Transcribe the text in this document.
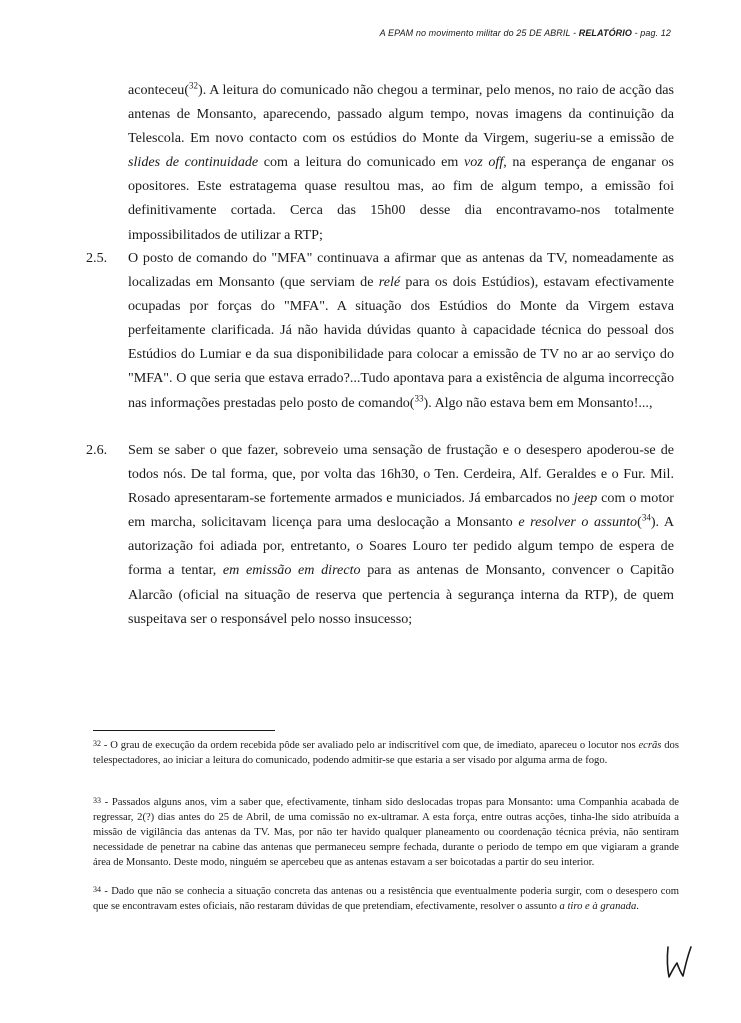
A EPAM no movimento militar do 25 DE ABRIL - RELATÓRIO - pag. 12
aconteceu($^{32}$). A leitura do comunicado não chegou a terminar, pelo menos, no raio de acção das antenas de Monsanto, aparecendo, passado algum tempo, novas imagens da continuição da Telescola. Em novo contacto com os estúdios do Monte da Virgem, sugeriu-se a emissão de slides de continuidade com a leitura do comunicado em voz off, na esperança de enganar os opositores. Este estratagema quase resultou mas, ao fim de algum tempo, a emissão foi definitivamente cortada. Cerca das 15h00 desse dia encontravamo-nos totalmente impossibilitados de utilizar a RTP;
2.5. O posto de comando do "MFA" continuava a afirmar que as antenas da TV, nomeadamente as localizadas em Monsanto (que serviam de relé para os dois Estúdios), estavam efectivamente ocupadas por forças do "MFA". A situação dos Estúdios do Monte da Virgem estava perfeitamente clarificada. Já não havida dúvidas quanto à capacidade técnica do pessoal dos Estúdios do Lumiar e da sua disponibilidade para colocar a emissão de TV no ar ao serviço do "MFA". O que seria que estava errado?...Tudo apontava para a existência de alguma incorrecção nas informações prestadas pelo posto de comando($^{33}$). Algo não estava bem em Monsanto!...,
2.6. Sem se saber o que fazer, sobreveio uma sensação de frustação e o desespero apoderou-se de todos nós. De tal forma, que, por volta das 16h30, o Ten. Cerdeira, Alf. Geraldes e o Fur. Mil. Rosado apresentaram-se fortemente armados e municiados. Já embarcados no jeep com o motor em marcha, solicitavam licença para uma deslocação a Monsanto e resolver o assunto($^{34}$). A autorização foi adiada por, entretanto, o Soares Louro ter pedido algum tempo de espera de forma a tentar, em emissão em directo para as antenas de Monsanto, convencer o Capitão Alarcão (oficial na situação de reserva que pertencia à segurança interna da RTP), de quem suspeitava ser o responsável pelo nosso insucesso;
32 - O grau de execução da ordem recebida pôde ser avaliado pelo ar indiscritível com que, de imediato, apareceu o locutor nos ecrãs dos telespectadores, ao iniciar a leitura do comunicado, podendo admitir-se que estaria a ser visado por alguma arma de fogo.
33 - Passados alguns anos, vim a saber que, efectivamente, tinham sido deslocadas tropas para Monsanto: uma Companhia acabada de regressar, 2(?) dias antes do 25 de Abril, de uma comissão no ex-ultramar. A esta força, entre outras acções, tinha-lhe sido atribuída a missão de vigilância das antenas da TV. Mas, por não ter havido qualquer planeamento ou coordenação técnica prévia, não sentiram necessidade de penetrar na cabine das antenas que permaneceu sempre fechada, durante o periodo de tempo em que vigiaram a grande área de Monsanto. Deste modo, ninguém se apercebeu que as antenas estavam a ser boicotadas a partir do seu interior.
34 - Dado que não se conhecia a situação concreta das antenas ou a resistência que eventualmente poderia surgir, com o desespero com que se encontravam estes oficiais, não restaram dúvidas de que pretendiam, efectivamente, resolver o assunto a tiro e à granada.
